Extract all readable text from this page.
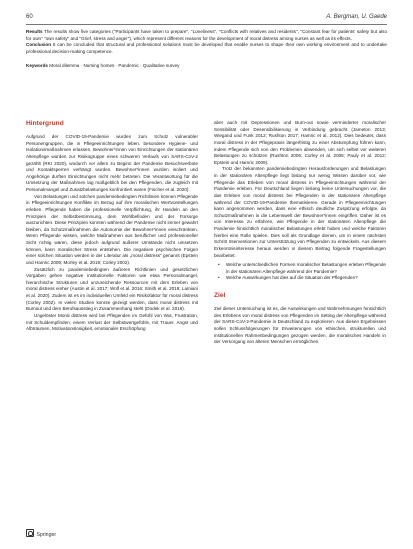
60	A. Bergman, U. Gaede

Results The results show five categories ("Participants have taken to prepare", "Loneliness", "Conflicts with relatives and residents", "Constant fear for patients' safety but also for own" "own safety" and "Grief, stress and anger"), which represent different reasons for the development of moral distress among nurses as well as its effects.

Conclusion It can be concluded that structural and professional solutions must be developed that enable nurses to shape their own working environment and to undertake professional decision-making competence.

Keywords Moral dilemma · Nursing homes · Pandemic · Qualitative survey

Hintergrund

Aufgrund der COVID-19-Pandemie wurden zum Schutz vulnerabler Personengruppen, die in Pflegeeinrichtungen leben, besondere Hygiene- und Isolationsmaßnahmen erlassen. Bewohner*innen von Einrichtungen der stationären Altenpflege wurden zur Risikogruppe eines schweren Verlaufs von SARS-CoV-2 gezählt (RKI 2020), wodurch vor allem zu Beginn der Pandemie Besuchsverbote und Kontaktsperren verhängt wurden. Bewohner*innen wurden isoliert und Angehörige durften Einrichtungen nicht mehr betreten. Die Verantwortung für die Umsetzung der Maßnahmen lag maßgeblich bei den Pflegenden, die zugleich mit Personalmangel und Zusatzbelastungen konfrontiert waren (Fischer et al. 2020).

Von Belastungen und solchen pandemiebedingten Richtlinien können Pflegende in Pflegeeinrichtungen Konflikte im Bezug auf ihre moralischen Wertvorstellungen erleben. Pflegende haben die professionelle Verpflichtung, ihr Handeln an den Prinzipien der Selbstbestimmung, dem Wohlbefinden und der Fürsorge auszurichten. Diese Prinzipien konnten während der Pandemie nicht immer gewahrt bleiben, da Schutzmaßnahmen die Autonomie der Bewohner*innen einschränkten. Wenn Pflegende wissen, welche Maßnahmen aus beruflicher und professioneller Sicht richtig wären, diese jedoch aufgrund äußerer Umstände nicht umsetzen können, kann moralischer Stress entstehen. Die negativen psychischen Folgen einer solchen Situation werden in der Literatur als „moral distress“ genannt (Epstein und Hamric 2009; Morley et al. 2019; Corley 2002).

Zusätzlich zu pandemiebedingten äußeren Richtlinien und gesetzlichen Vorgaben gehen negative institutionelle Faktoren wie etwa Personalmangel, hierarchische Strukturen und unzureichende Ressourcen mit dem Erleben von moral distress einher (Austin et al. 2017; Wolf et al. 2016; Smith et al. 2019; Lamiani et al. 2020). Zudem ist es im individuellen Umfeld ein Risikofaktor für moral distress (Corley 2002). In vielen Studien konnte gezeigt werden, dass moral distress mit Burnout und dem Berufsausstieg in Zusammenhang steht (Dodek et al. 2016).

Ungelöster Moral distress wird bei Pflegenden im Gefühl von Wut, Frustration, mit Schuldempfinden, einem Verlust der Selbstwertgefühls, mit Trauer, Angst und Albträumen, Motivationslosigkeit, emotionaler Erschöpfung

aber auch mit Depressionen und Burn-out sowie verminderter moralischer Sensibilität oder Desensibilisierung in Verbindung gebracht (Jameton 2013; Wiegand und Funk 2012; Rushton 2017; Hamric et al. 2012). Dies bedeutet, dass moral distress in der Pflegepraxis längerfristig zu einer Abstumpfung führen kann, indem Pflegende sich von den Problemen abwenden, um sich selbst vor weiteren Belastungen zu schützen (Rushton 2006; Corley et al. 2005; Pauly et al. 2012; Epstein und Hamric 2009).

Trotz der bekannten pandemiebedingten Herausforderungen und Belastungen in der stationären Altenpflege liegt bislang nur wenig Wissen darüber vor, wie Pflegende das Erleben von moral distress in Pflegeeinrichtungen während der Pandemie erleben. Für Deutschland liegen bislang keine Untersuchungen vor, die das Erleben von moral distress bei Pflegenden in der stationären Altenpflege während der COVID-19-Pandemie thematisieren. Gerade in Pflegeeinrichtungen kann angenommen werden, dass eine ethisch deutliche Zuspitzung erfolgte, da Schutzmaßnahmen in die Lebenswelt der Bewohner*innen eingriffen. Daher ist es von Interesse zu erfahren, wie Pflegende in der stationären Altenpflege die Pandemie hinsichtlich moralischer Belastungen erlebt haben und welche Faktoren hierbei eine Rolle spielen. Dies soll als Grundlage dienen, um in einem nächsten Schritt Interventionen zur Unterstützung von Pflegenden zu entwickeln. Aus diesem Erkenntnisinteresse heraus werden in diesem Beitrag folgende Fragestellungen bearbeitet:

• Welche unterschiedlichen Formen moralischer Belastungen erleben Pflegende in der stationären Altenpflege während der Pandemie?
• Welche Auswirkungen hat dies auf die Situation der Pflegenden?
Ziel

Ziel dieser Untersuchung ist es, die Auswirkungen und Wahrnehmungen hinsichtlich des Erlebens von moral distress von Pflegenden im Setting der Altenpflege während der SARS-CoV-2-Pandemie in Deutschland zu explorieren. Aus diesen Ergebnissen sollen Schlussfolgerungen für Erweiterungen von ethischen, strukturellen und institutionellen Rahmenbedingungen gezogen werden, die moralisches Handeln in der Versorgung von älteren Menschen ermöglichen.

Springer
